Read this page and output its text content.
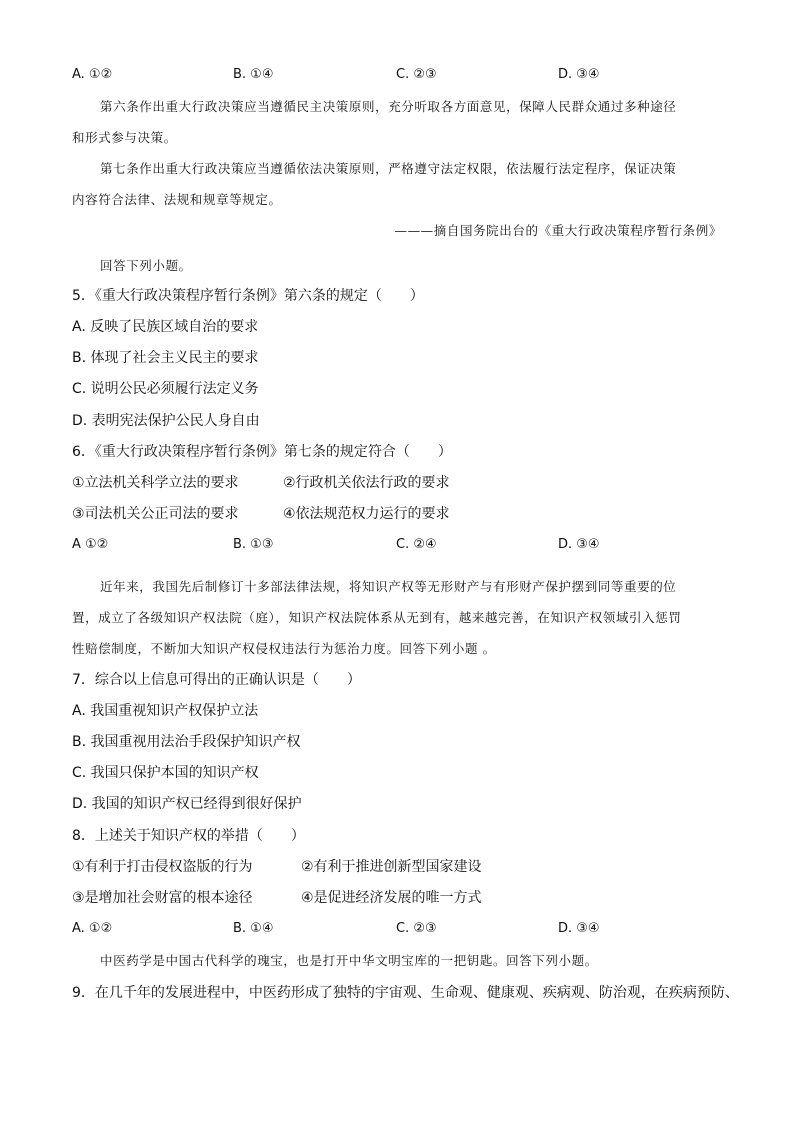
A. ①②	B. ①④	C. ②③	D. ③④
第六条作出重大行政决策应当遵循民主决策原则，充分听取各方面意见，保障人民群众通过多种途径
和形式参与决策。
第七条作出重大行政决策应当遵循依法决策原则，严格遵守法定权限，依法履行法定程序，保证决策
内容符合法律、法规和规章等规定。
———摘自国务院出台的《重大行政决策程序暂行条例》
回答下列小题。
5．《重大行政决策程序暂行条例》第六条的规定（　　）
A. 反映了民族区域自治的要求
B. 体现了社会主义民主的要求
C. 说明公民必须履行法定义务
D. 表明宪法保护公民人身自由
6．《重大行政决策程序暂行条例》第七条的规定符合（　　）
①立法机关科学立法的要求	②行政机关依法行政的要求
③司法机关公正司法的要求	④依法规范权力运行的要求
A ①②	B. ①③	C. ②④	D. ③④
近年来，我国先后制修订十多部法律法规，将知识产权等无形财产与有形财产保护摆到同等重要的位
置，成立了各级知识产权法院（庭），知识产权法院体系从无到有，越来越完善，在知识产权领域引入惩罚
性赔偿制度，不断加大知识产权侵权违法行为惩治力度。回答下列小题 。
7．综合以上信息可得出的正确认识是（　　）
A. 我国重视知识产权保护立法
B. 我国重视用法治手段保护知识产权
C. 我国只保护本国的知识产权
D. 我国的知识产权已经得到很好保护
8．上述关于知识产权的举措（　　）
①有利于打击侵权盗版的行为	②有利于推进创新型国家建设
③是增加社会财富的根本途径	④是促进经济发展的唯一方式
A. ①②	B. ①④	C. ②③	D. ③④
中医药学是中国古代科学的瑰宝，也是打开中华文明宝库的一把钥匙。回答下列小题。
9．在几千年的发展进程中，中医药形成了独特的宇宙观、生命观、健康观、疾病观、防治观，在疾病预防、
